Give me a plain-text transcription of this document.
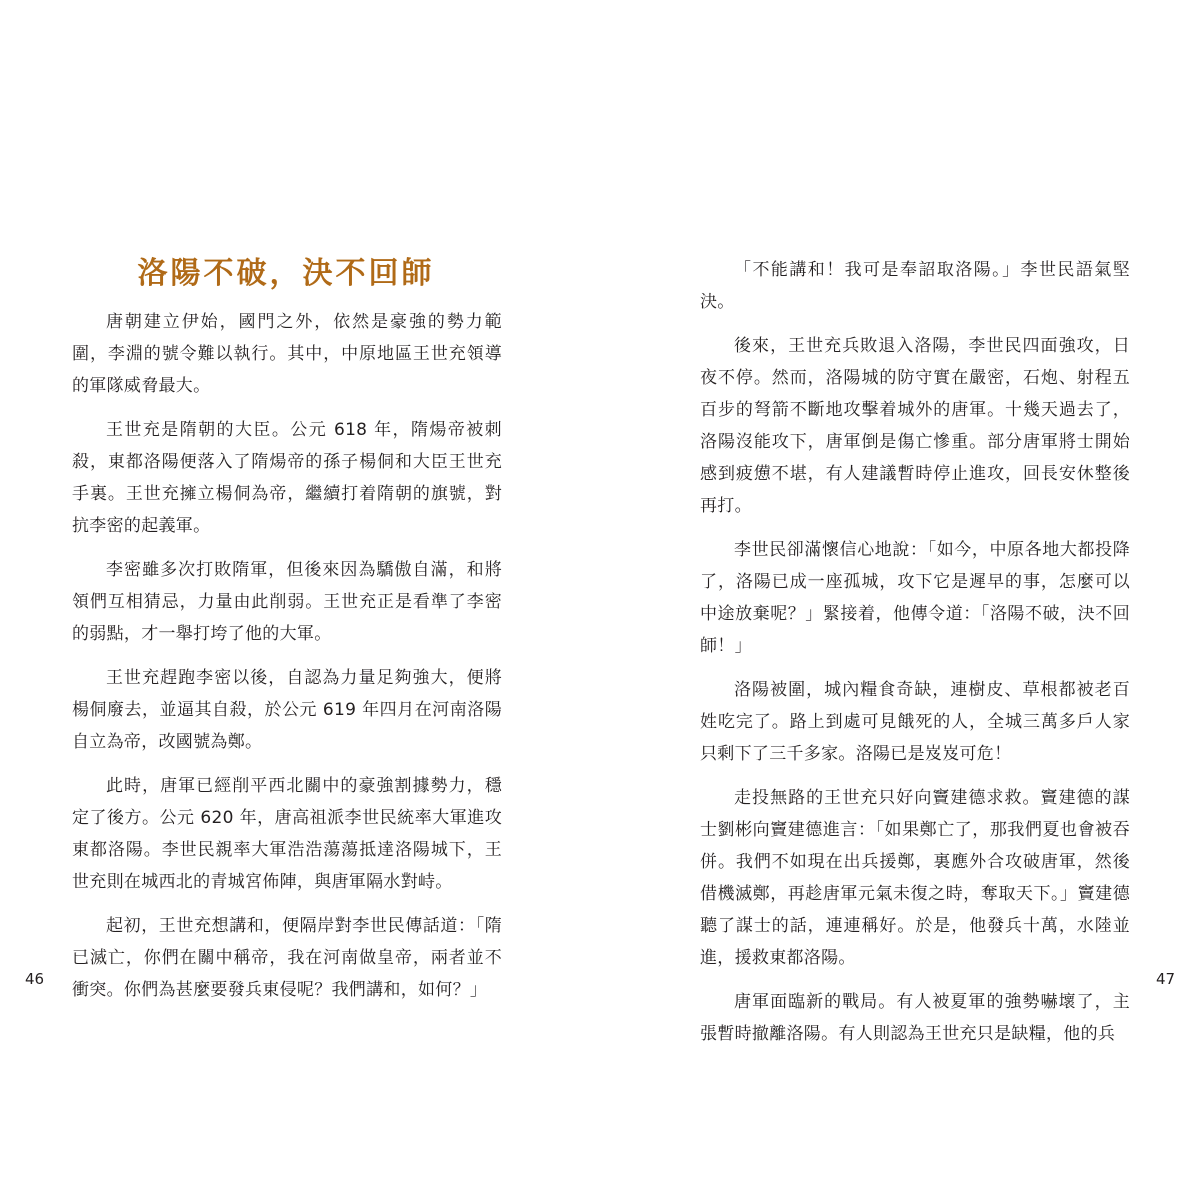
洛陽不破，決不回師

唐朝建立伊始，國門之外，依然是豪強的勢力範圍，李淵的號令難以執行。其中，中原地區王世充領導的軍隊威脅最大。

王世充是隋朝的大臣。公元 618 年，隋煬帝被刺殺，東都洛陽便落入了隋煬帝的孫子楊侗和大臣王世充手裏。王世充擁立楊侗為帝，繼續打着隋朝的旗號，對抗李密的起義軍。

李密雖多次打敗隋軍，但後來因為驕傲自滿，和將領們互相猜忌，力量由此削弱。王世充正是看準了李密的弱點，才一舉打垮了他的大軍。

王世充趕跑李密以後，自認為力量足夠強大，便將楊侗廢去，並逼其自殺，於公元 619 年四月在河南洛陽自立為帝，改國號為鄭。

此時，唐軍已經削平西北關中的豪強割據勢力，穩定了後方。公元 620 年，唐高祖派李世民統率大軍進攻東都洛陽。李世民親率大軍浩浩蕩蕩抵達洛陽城下，王世充則在城西北的青城宮佈陣，與唐軍隔水對峙。

起初，王世充想講和，便隔岸對李世民傳話道：「隋已滅亡，你們在關中稱帝，我在河南做皇帝，兩者並不衝突。你們為甚麼要發兵東侵呢？我們講和，如何？」

46

「不能講和！我可是奉詔取洛陽。」李世民語氣堅決。

後來，王世充兵敗退入洛陽，李世民四面強攻，日夜不停。然而，洛陽城的防守實在嚴密，石炮、射程五百步的弩箭不斷地攻擊着城外的唐軍。十幾天過去了，洛陽沒能攻下，唐軍倒是傷亡慘重。部分唐軍將士開始感到疲憊不堪，有人建議暫時停止進攻，回長安休整後再打。

李世民卻滿懷信心地說：「如今，中原各地大都投降了，洛陽已成一座孤城，攻下它是遲早的事，怎麼可以中途放棄呢？」緊接着，他傳令道：「洛陽不破，決不回師！」

洛陽被圍，城內糧食奇缺，連樹皮、草根都被老百姓吃完了。路上到處可見餓死的人，全城三萬多戶人家只剩下了三千多家。洛陽已是岌岌可危！

走投無路的王世充只好向竇建德求救。竇建德的謀士劉彬向竇建德進言：「如果鄭亡了，那我們夏也會被吞併。我們不如現在出兵援鄭，裏應外合攻破唐軍，然後借機滅鄭，再趁唐軍元氣未復之時，奪取天下。」竇建德聽了謀士的話，連連稱好。於是，他發兵十萬，水陸並進，援救東都洛陽。

唐軍面臨新的戰局。有人被夏軍的強勢嚇壞了，主張暫時撤離洛陽。有人則認為王世充只是缺糧，他的兵

47
